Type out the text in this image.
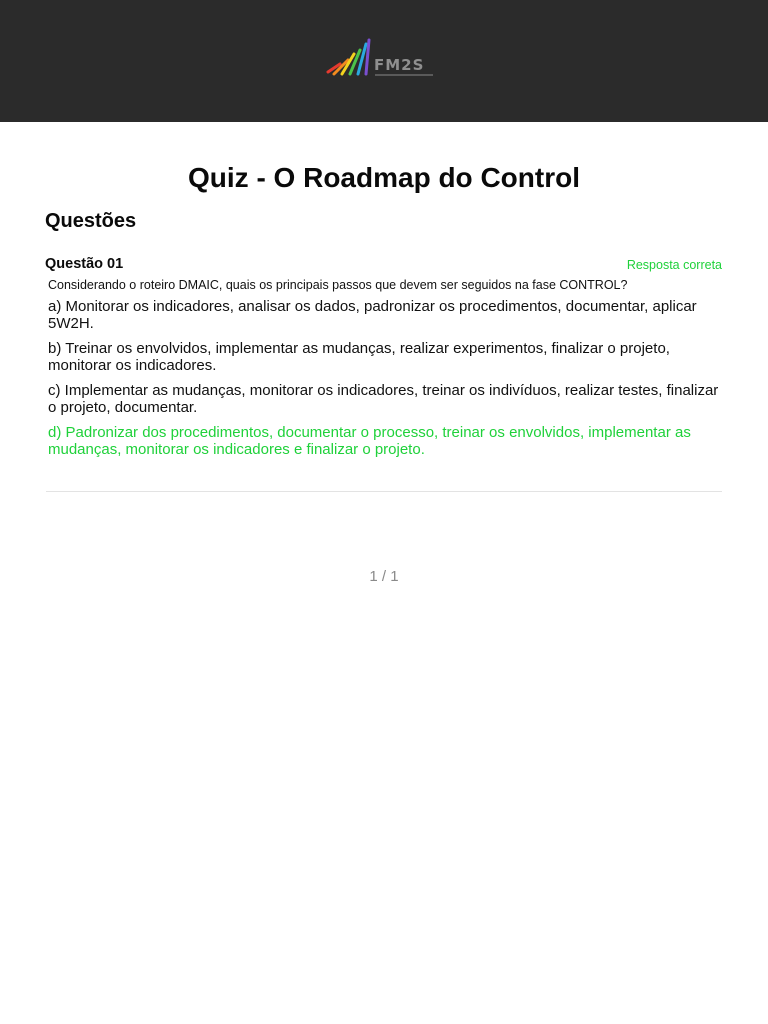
FM2S
Quiz - O Roadmap do Control
Questões
Questão 01	Resposta correta
Considerando o roteiro DMAIC, quais os principais passos que devem ser seguidos na fase CONTROL?
a) Monitorar os indicadores, analisar os dados, padronizar os procedimentos, documentar, aplicar 5W2H.
b) Treinar os envolvidos, implementar as mudanças, realizar experimentos, finalizar o projeto, monitorar os indicadores.
c) Implementar as mudanças, monitorar os indicadores, treinar os indivíduos, realizar testes, finalizar o projeto, documentar.
d) Padronizar dos procedimentos, documentar o processo, treinar os envolvidos, implementar as mudanças, monitorar os indicadores e finalizar o projeto.
1 / 1
